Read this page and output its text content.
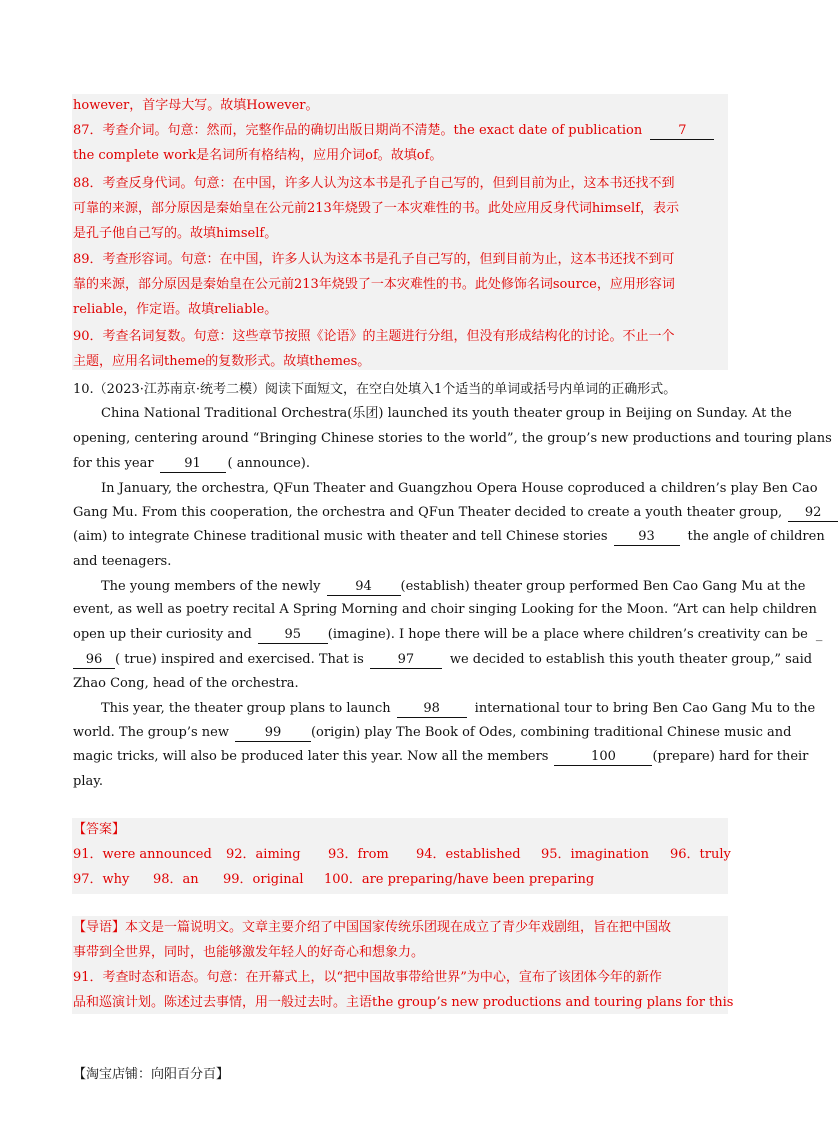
however，首字母大写。故填However。
87．考查介词。句意：然而，完整作品的确切出版日期尚不清楚。the exact date of publication	7
the complete work是名词所有格结构，应用介词of。故填of。
88．考查反身代词。句意：在中国，许多人认为这本书是孔子自己写的，但到目前为止，这本书还找不到
可靠的来源，部分原因是秦始皇在公元前213年烧毁了一本灾难性的书。此处应用反身代词himself，表示
是孔子他自己写的。故填himself。
89．考查形容词。句意：在中国，许多人认为这本书是孔子自己写的，但到目前为止，这本书还找不到可
靠的来源，部分原因是秦始皇在公元前213年烧毁了一本灾难性的书。此处修饰名词source，应用形容词
reliable，作定语。故填reliable。
90．考查名词复数。句意：这些章节按照《论语》的主题进行分组，但没有形成结构化的讨论。不止一个
主题，应用名词theme的复数形式。故填themes。
10.（2023·江苏南京·统考二模）阅读下面短文，在空白处填入1个适当的单词或括号内单词的正确形式。
China National Traditional Orchestra(乐团) launched its youth theater group in Beijing on Sunday. At the
opening, centering around “Bringing Chinese stories to the world”, the group’s new productions and touring plans
for this year 91 ( announce).
In January, the orchestra, QFun Theater and Guangzhou Opera House coproduced a children’s play Ben Cao
Gang Mu. From this cooperation, the orchestra and QFun Theater decided to create a youth theater group, 92
(aim) to integrate Chinese traditional music with theater and tell Chinese stories 93	the angle of children
and teenagers.
The young members of the newly	94 (establish) theater group performed Ben Cao Gang Mu at the
event, as well as poetry recital A Spring Morning and choir singing Looking for the Moon. “Art can help children
open up their curiosity and	95 (imagine). I hope there will be a place where children’s creativity can be _
96 ( true) inspired and exercised. That is	97	we decided to establish this youth theater group,” said
Zhao Cong, head of the orchestra.
This year, the theater group plans to launch	98	international tour to bring Ben Cao Gang Mu to the
world. The group’s new	99 (origin) play The Book of Odes, combining traditional Chinese music and
magic tricks, will also be produced later this year. Now all the members	100	(prepare) hard for their
play.
【答案】
91．were announced 92．aiming 93．from 94．established 95．imagination 96．truly
97．why 98．an 99．original 100．are preparing/have been preparing
【导语】本文是一篇说明文。文章主要介绍了中国国家传统乐团现在成立了青少年戏剧组，旨在把中国故
事带到全世界，同时，也能够激发年轻人的好奇心和想象力。
91．考查时态和语态。句意：在开幕式上，以“把中国故事带给世界”为中心，宣布了该团体今年的新作
品和巡演计划。陈述过去事情，用一般过去时。主语the group’s new productions and touring plans for this
【淘宝店铺：向阳百分百】
